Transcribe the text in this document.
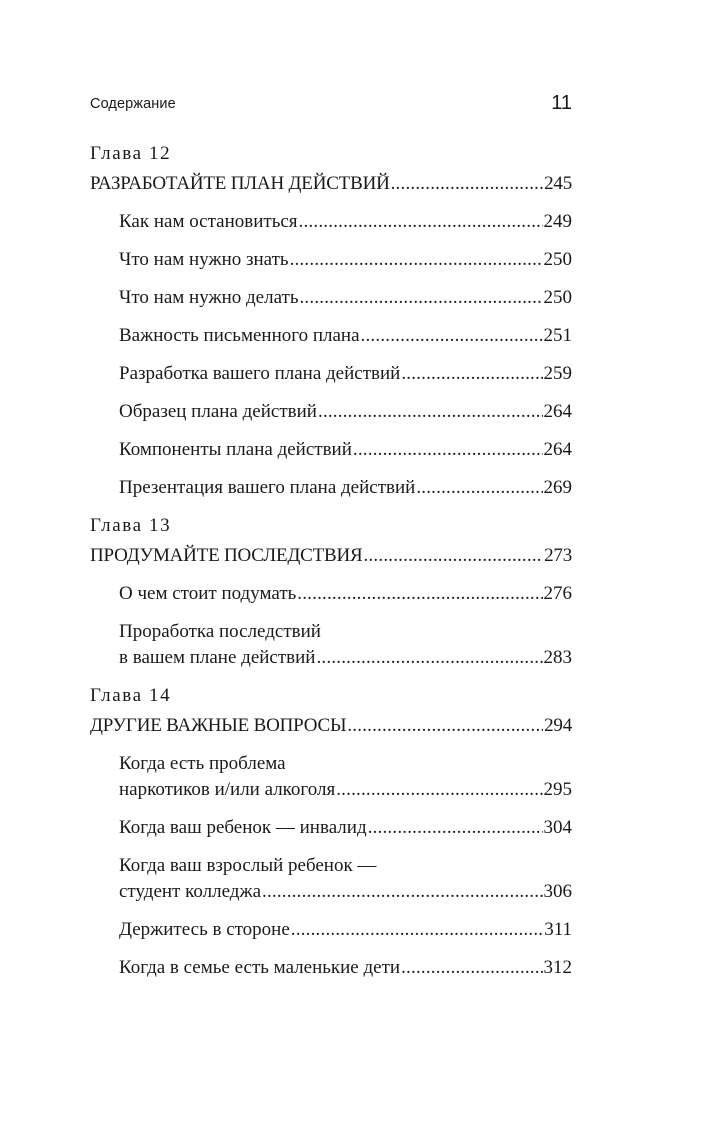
Содержание	11
Глава 12
РАЗРАБОТАЙТЕ ПЛАН ДЕЙСТВИЙ .....	245
Как нам остановиться .....	249
Что нам нужно знать .....	250
Что нам нужно делать .....	250
Важность письменного плана .....	251
Разработка вашего плана действий .....	259
Образец плана действий .....	264
Компоненты плана действий .....	264
Презентация вашего плана действий .....	269
Глава 13
ПРОДУМАЙТЕ ПОСЛЕДСТВИЯ .....	273
О чем стоит подумать .....	276
Проработка последствий
в вашем плане действий .....	283
Глава 14
ДРУГИЕ ВАЖНЫЕ ВОПРОСЫ .....	294
Когда есть проблема
наркотиков и/или алкоголя .....	295
Когда ваш ребенок — инвалид .....	304
Когда ваш взрослый ребенок —
студент колледжа .....	306
Держитесь в стороне .....	311
Когда в семье есть маленькие дети .....	312
